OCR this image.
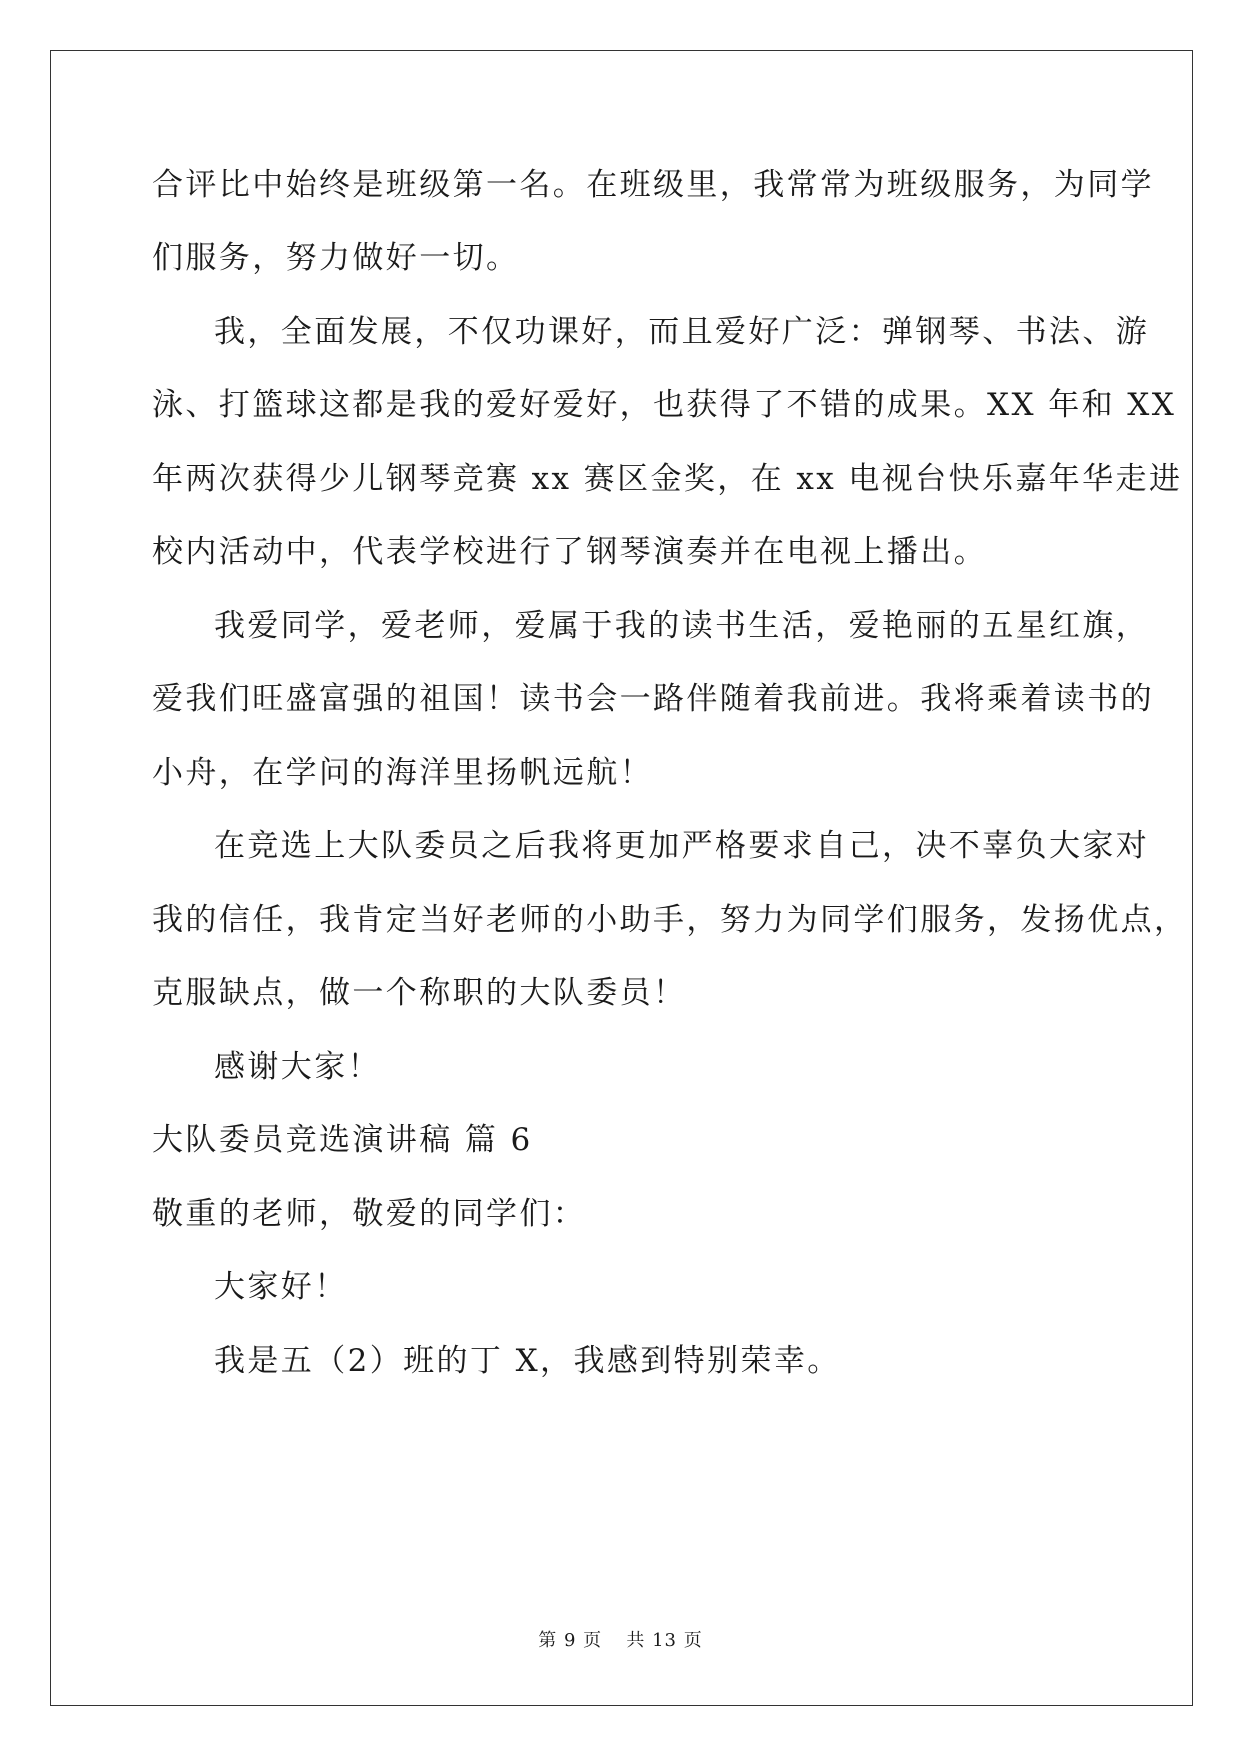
合评比中始终是班级第一名。在班级里，我常常为班级服务，为同学
们服务，努力做好一切。
我，全面发展，不仅功课好，而且爱好广泛：弹钢琴、书法、游
泳、打篮球这都是我的爱好爱好，也获得了不错的成果。XX 年和 XX
年两次获得少儿钢琴竞赛 xx 赛区金奖，在 xx 电视台快乐嘉年华走进
校内活动中，代表学校进行了钢琴演奏并在电视上播出。
我爱同学，爱老师，爱属于我的读书生活，爱艳丽的五星红旗，
爱我们旺盛富强的祖国！读书会一路伴随着我前进。我将乘着读书的
小舟，在学问的海洋里扬帆远航！
在竞选上大队委员之后我将更加严格要求自己，决不辜负大家对
我的信任，我肯定当好老师的小助手，努力为同学们服务，发扬优点，
克服缺点，做一个称职的大队委员！
感谢大家！
大队委员竞选演讲稿 篇 6
敬重的老师，敬爱的同学们：
大家好！
我是五（2）班的丁 X，我感到特别荣幸。
第 9 页 共 13 页
